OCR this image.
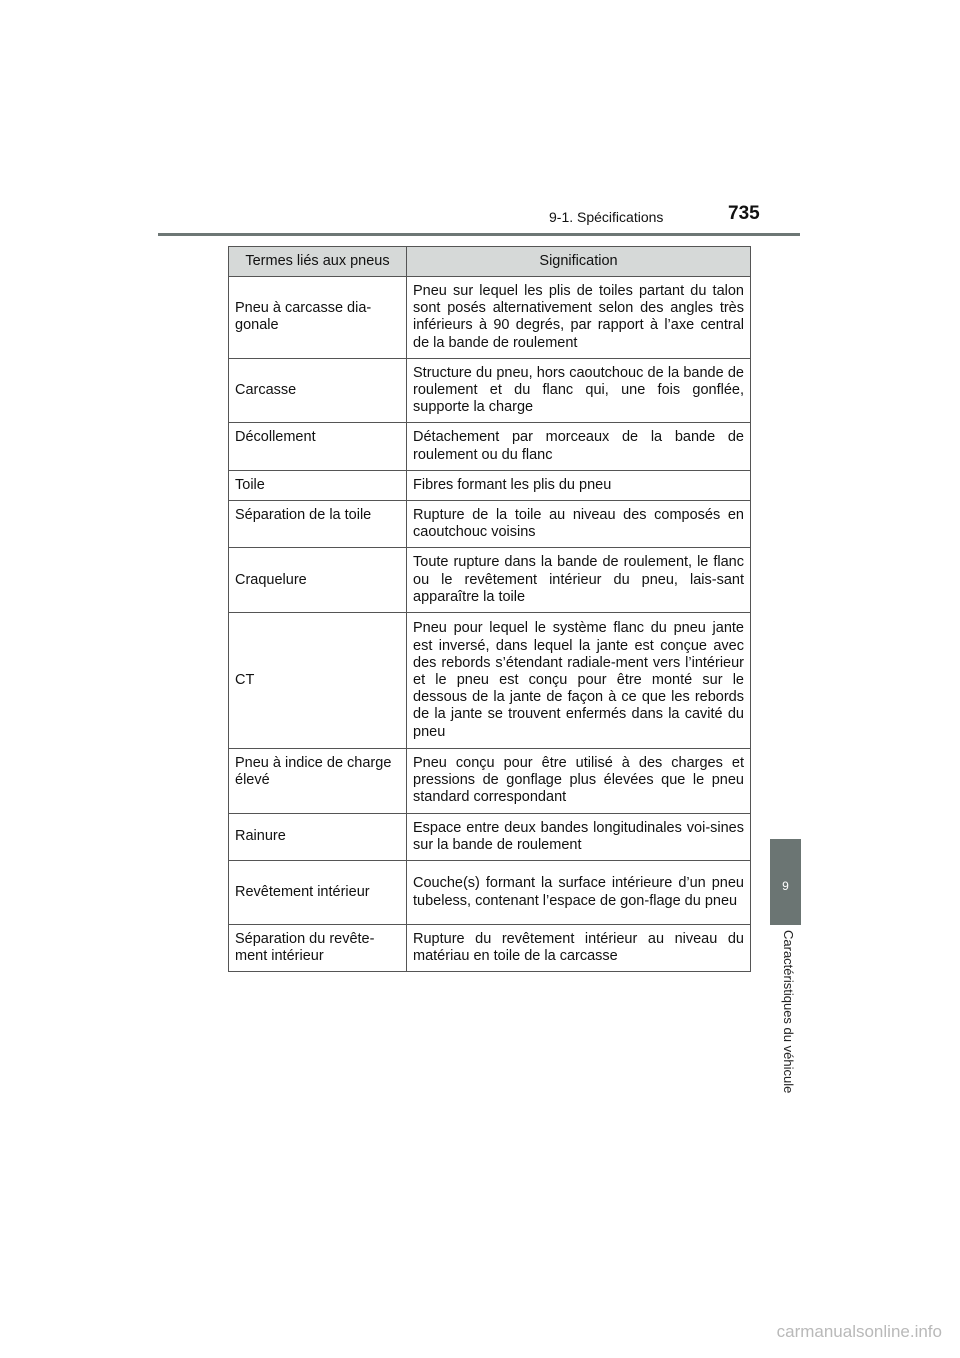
9-1. Spécifications	735
9
Caractéristiques du véhicule
Termes liés aux pneus	Signification
Pneu à carcasse dia-gonale	Pneu sur lequel les plis de toiles partant du talon sont posés alternativement selon des angles très inférieurs à 90 degrés, par rapport à l’axe central de la bande de roulement
Carcasse	Structure du pneu, hors caoutchouc de la bande de roulement et du flanc qui, une fois gonflée, supporte la charge
Décollement	Détachement par morceaux de la bande de roulement ou du flanc
Toile	Fibres formant les plis du pneu
Séparation de la toile	Rupture de la toile au niveau des composés en caoutchouc voisins
Craquelure	Toute rupture dans la bande de roulement, le flanc ou le revêtement intérieur du pneu, lais-sant apparaître la toile
CT	Pneu pour lequel le système flanc du pneu jante est inversé, dans lequel la jante est conçue avec des rebords s’étendant radiale-ment vers l’intérieur et le pneu est conçu pour être monté sur le dessous de la jante de façon à ce que les rebords de la jante se trouvent enfermés dans la cavité du pneu
Pneu à indice de charge élevé	Pneu conçu pour être utilisé à des charges et pressions de gonflage plus élevées que le pneu standard correspondant
Rainure	Espace entre deux bandes longitudinales voi-sines sur la bande de roulement
Revêtement intérieur	Couche(s) formant la surface intérieure d’un pneu tubeless, contenant l’espace de gon-flage du pneu
Séparation du revête-ment intérieur	Rupture du revêtement intérieur au niveau du matériau en toile de la carcasse
carmanualsonline.info
